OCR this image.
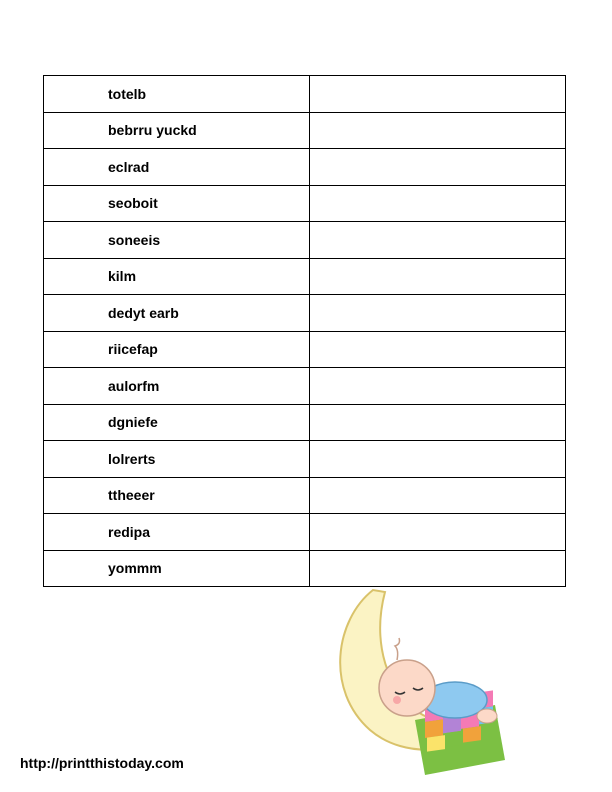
totelb	
bebrru yuckd	
eclrad	
seoboit	
soneeis	
kilm	
dedyt earb	
riicefap	
aulorfm	
dgniefe	
lolrerts	
ttheeer	
redipa	
yommm	
http://printthistoday.com
